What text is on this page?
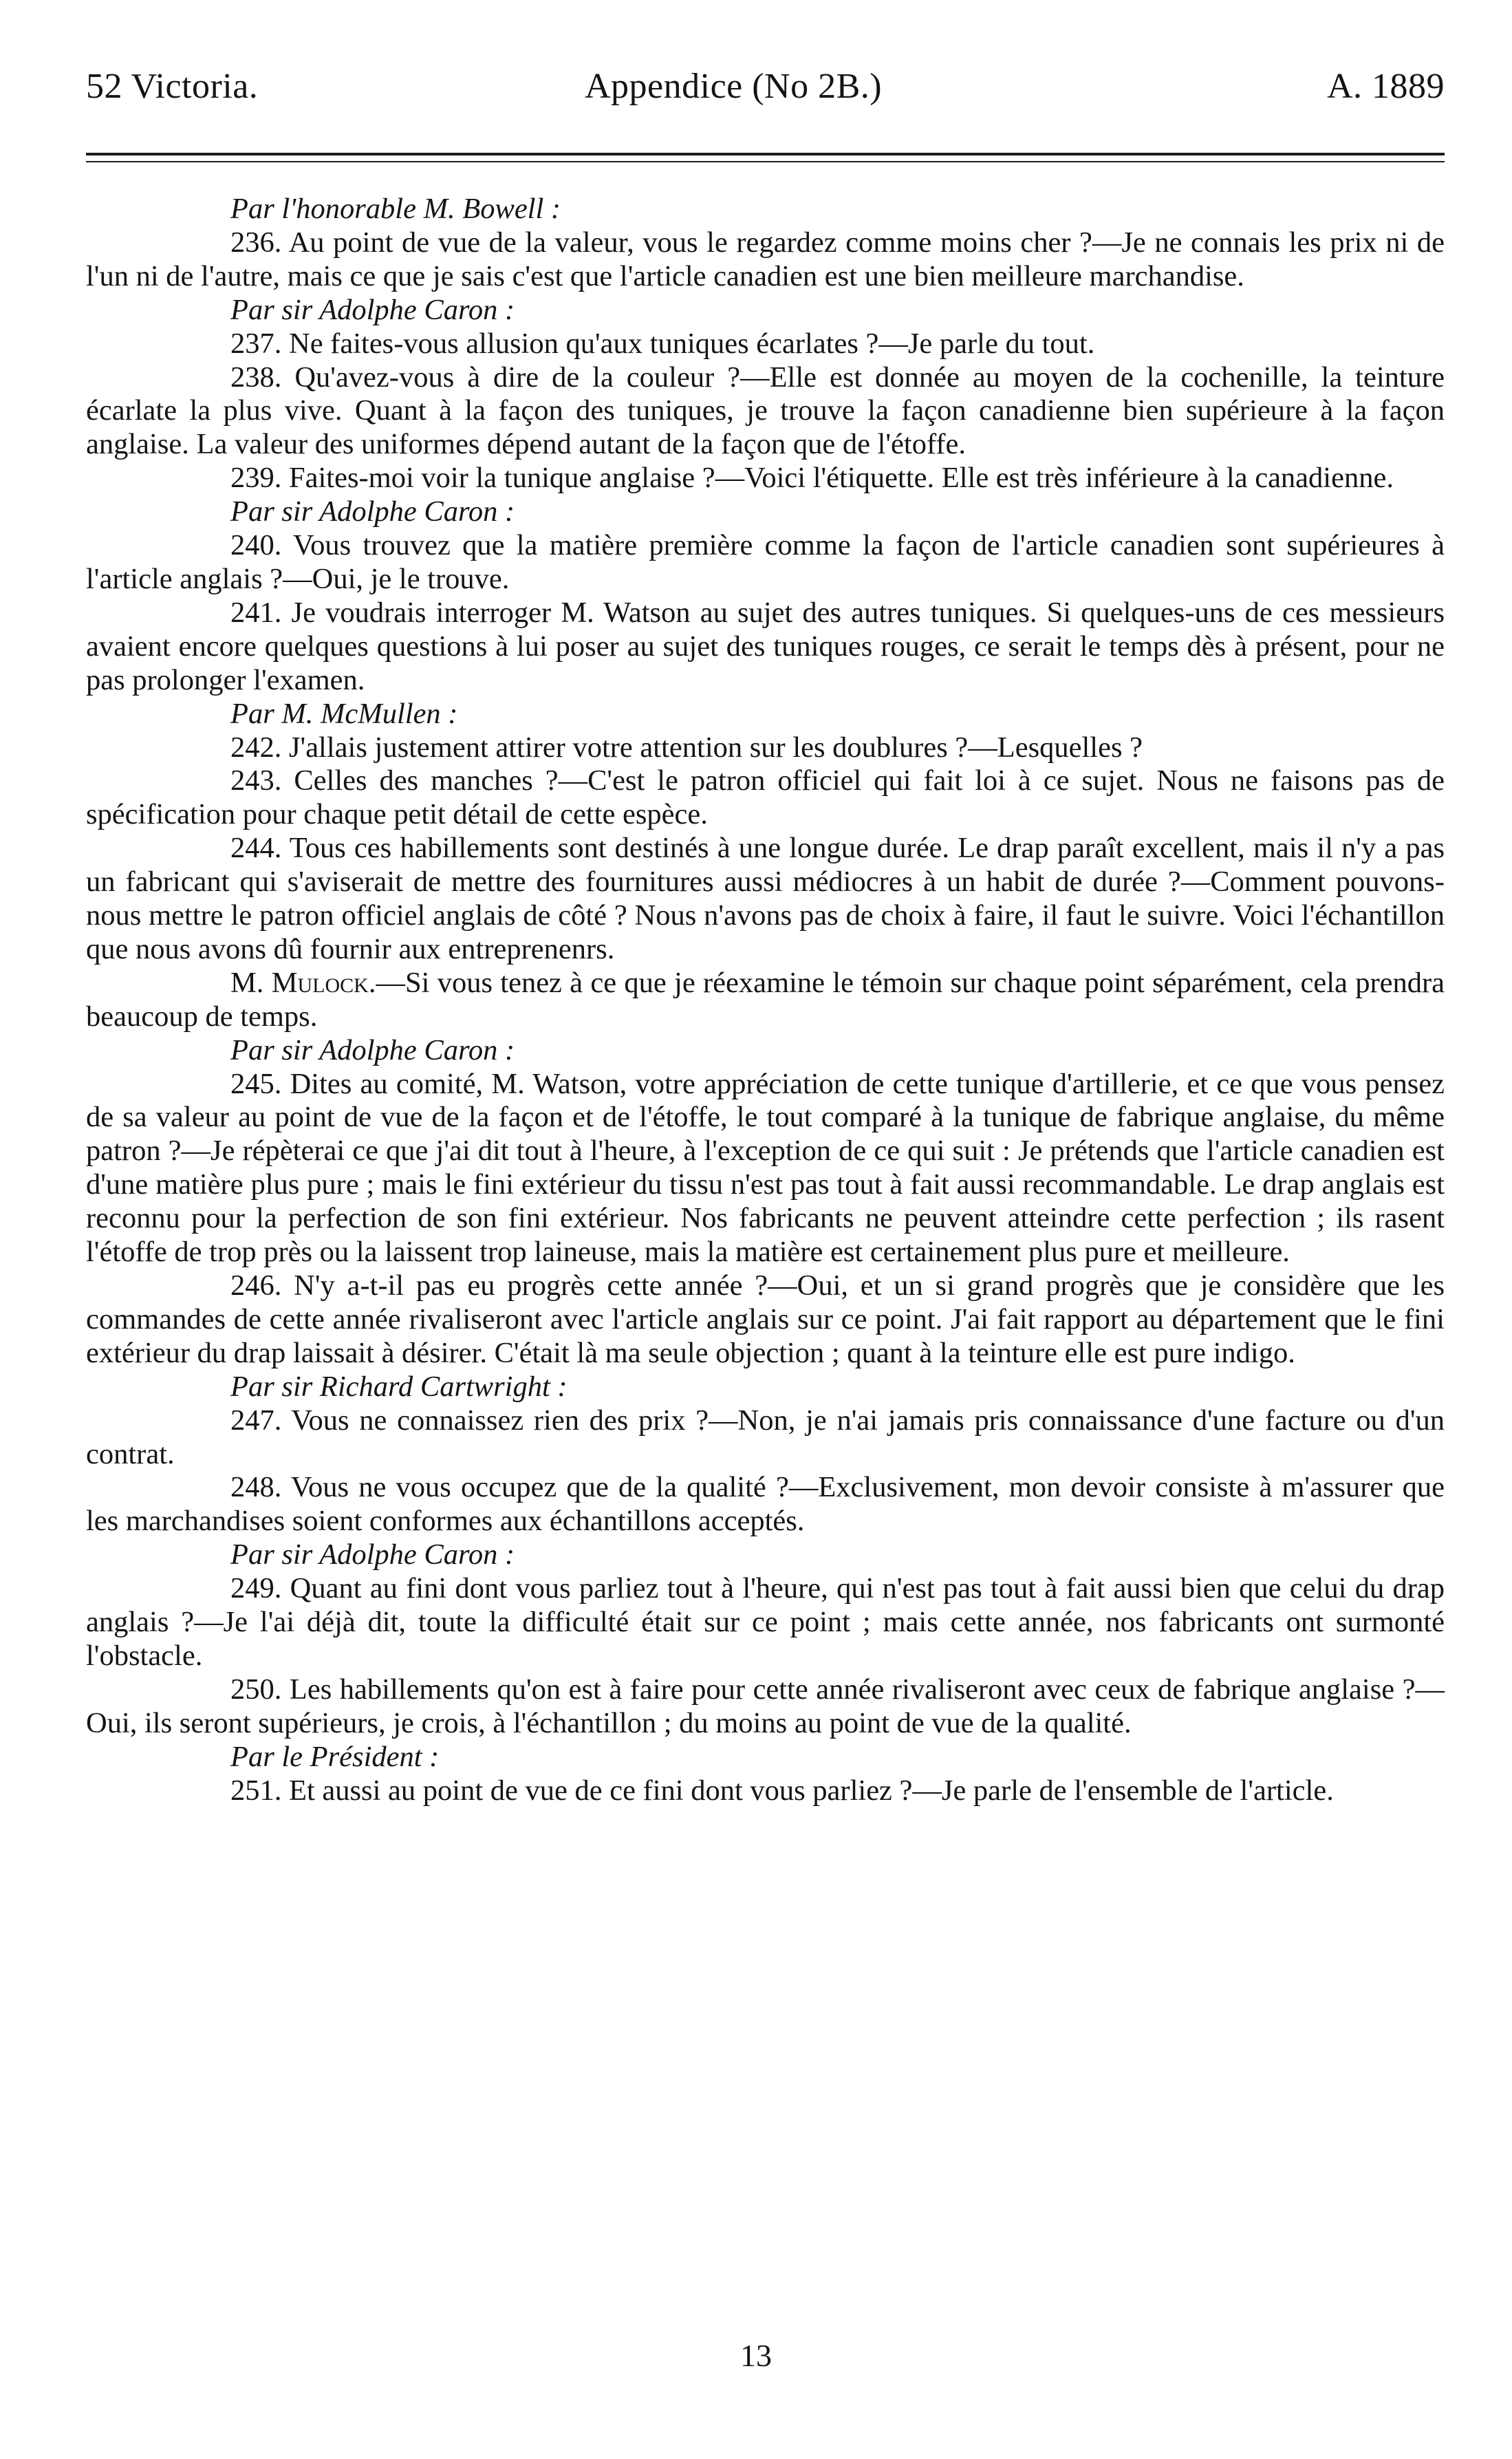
52 Victoria.	Appendice (No 2B.)	A. 1889

Par l'honorable M. Bowell :

236. Au point de vue de la valeur, vous le regardez comme moins cher ?—Je ne connais les prix ni de l'un ni de l'autre, mais ce que je sais c'est que l'article canadien est une bien meilleure marchandise.

Par sir Adolphe Caron :

237. Ne faites-vous allusion qu'aux tuniques écarlates ?—Je parle du tout.

238. Qu'avez-vous à dire de la couleur ?—Elle est donnée au moyen de la cochenille, la teinture écarlate la plus vive. Quant à la façon des tuniques, je trouve la façon canadienne bien supérieure à la façon anglaise. La valeur des uniformes dépend autant de la façon que de l'étoffe.

239. Faites-moi voir la tunique anglaise ?—Voici l'étiquette. Elle est très inférieure à la canadienne.

Par sir Adolphe Caron :

240. Vous trouvez que la matière première comme la façon de l'article canadien sont supérieures à l'article anglais ?—Oui, je le trouve.

241. Je voudrais interroger M. Watson au sujet des autres tuniques. Si quelques-uns de ces messieurs avaient encore quelques questions à lui poser au sujet des tuniques rouges, ce serait le temps dès à présent, pour ne pas prolonger l'examen.

Par M. McMullen :

242. J'allais justement attirer votre attention sur les doublures ?—Lesquelles ?

243. Celles des manches ?—C'est le patron officiel qui fait loi à ce sujet. Nous ne faisons pas de spécification pour chaque petit détail de cette espèce.

244. Tous ces habillements sont destinés à une longue durée. Le drap paraît excellent, mais il n'y a pas un fabricant qui s'aviserait de mettre des fournitures aussi médiocres à un habit de durée ?—Comment pouvons-nous mettre le patron officiel anglais de côté ? Nous n'avons pas de choix à faire, il faut le suivre. Voici l'échantillon que nous avons dû fournir aux entreprenenrs.

M. Mulock.—Si vous tenez à ce que je réexamine le témoin sur chaque point séparément, cela prendra beaucoup de temps.

Par sir Adolphe Caron :

245. Dites au comité, M. Watson, votre appréciation de cette tunique d'artillerie, et ce que vous pensez de sa valeur au point de vue de la façon et de l'étoffe, le tout comparé à la tunique de fabrique anglaise, du même patron ?—Je répèterai ce que j'ai dit tout à l'heure, à l'exception de ce qui suit : Je prétends que l'article canadien est d'une matière plus pure ; mais le fini extérieur du tissu n'est pas tout à fait aussi recommandable. Le drap anglais est reconnu pour la perfection de son fini extérieur. Nos fabricants ne peuvent atteindre cette perfection ; ils rasent l'étoffe de trop près ou la laissent trop laineuse, mais la matière est certainement plus pure et meilleure.

246. N'y a-t-il pas eu progrès cette année ?—Oui, et un si grand progrès que je considère que les commandes de cette année rivaliseront avec l'article anglais sur ce point. J'ai fait rapport au département que le fini extérieur du drap laissait à désirer. C'était là ma seule objection ; quant à la teinture elle est pure indigo.

Par sir Richard Cartwright :

247. Vous ne connaissez rien des prix ?—Non, je n'ai jamais pris connaissance d'une facture ou d'un contrat.

248. Vous ne vous occupez que de la qualité ?—Exclusivement, mon devoir consiste à m'assurer que les marchandises soient conformes aux échantillons acceptés.

Par sir Adolphe Caron :

249. Quant au fini dont vous parliez tout à l'heure, qui n'est pas tout à fait aussi bien que celui du drap anglais ?—Je l'ai déjà dit, toute la difficulté était sur ce point ; mais cette année, nos fabricants ont surmonté l'obstacle.

250. Les habillements qu'on est à faire pour cette année rivaliseront avec ceux de fabrique anglaise ?—Oui, ils seront supérieurs, je crois, à l'échantillon ; du moins au point de vue de la qualité.

Par le Président :

251. Et aussi au point de vue de ce fini dont vous parliez ?—Je parle de l'ensemble de l'article.

13
